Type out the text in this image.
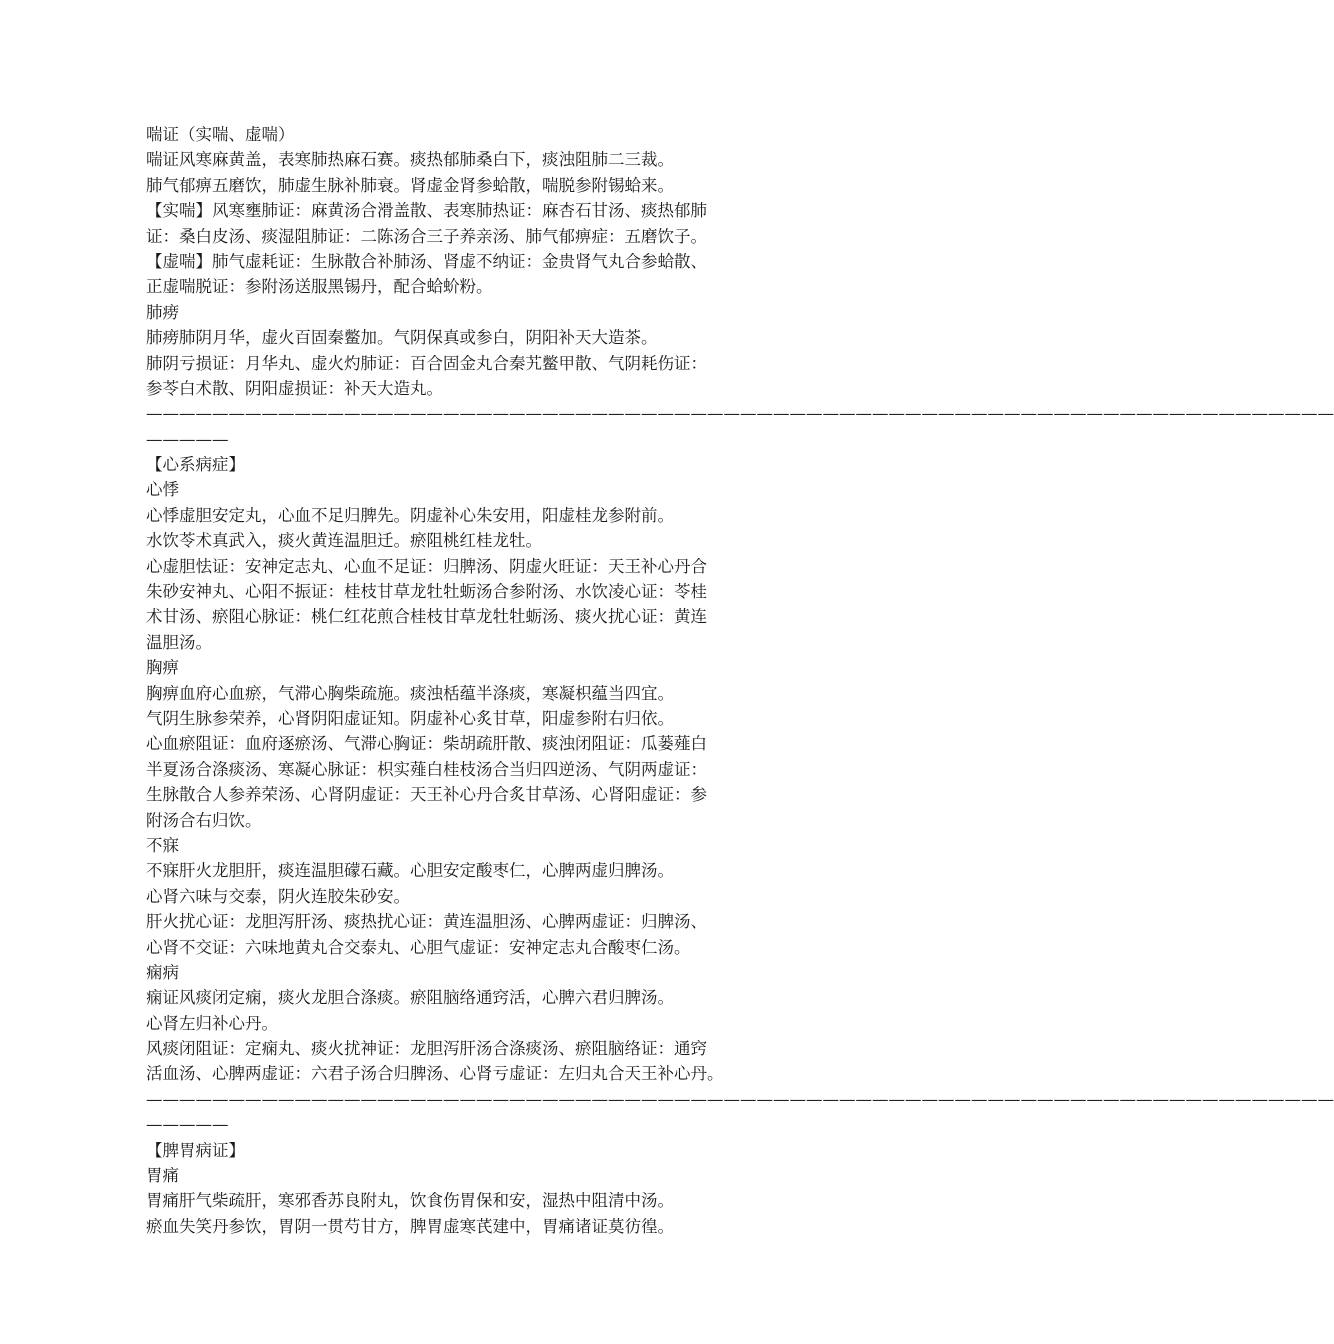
喘证（实喘、虚喘）
喘证风寒麻黄盖，表寒肺热麻石赛。痰热郁肺桑白下，痰浊阻肺二三裁。
肺气郁痹五磨饮，肺虚生脉补肺衰。肾虚金肾参蛤散，喘脱参附锡蛤来。
【实喘】风寒壅肺证：麻黄汤合滑盖散、表寒肺热证：麻杏石甘汤、痰热郁肺
证：桑白皮汤、痰湿阻肺证：二陈汤合三子养亲汤、肺气郁痹症：五磨饮子。
【虚喘】肺气虚耗证：生脉散合补肺汤、肾虚不纳证：金贵肾气丸合参蛤散、
正虚喘脱证：参附汤送服黑锡丹，配合蛤蚧粉。
肺痨
肺痨肺阴月华，虚火百固秦鳖加。气阴保真或参白，阴阳补天大造茶。
肺阴亏损证：月华丸、虚火灼肺证：百合固金丸合秦艽鳖甲散、气阴耗伤证：
参苓白术散、阴阳虚损证：补天大造丸。
————————————————————————————————————————————————————————————————————————
—————
【心系病症】
心悸
心悸虚胆安定丸，心血不足归脾先。阴虚补心朱安用，阳虚桂龙参附前。
水饮苓术真武入，痰火黄连温胆迁。瘀阻桃红桂龙牡。
心虚胆怯证：安神定志丸、心血不足证：归脾汤、阴虚火旺证：天王补心丹合
朱砂安神丸、心阳不振证：桂枝甘草龙牡牡蛎汤合参附汤、水饮凌心证：苓桂
术甘汤、瘀阻心脉证：桃仁红花煎合桂枝甘草龙牡牡蛎汤、痰火扰心证：黄连
温胆汤。
胸痹
胸痹血府心血瘀，气滞心胸柴疏施。痰浊栝蕴半涤痰，寒凝枳蕴当四宜。
气阴生脉参荣养，心肾阴阳虚证知。阴虚补心炙甘草，阳虚参附右归依。
心血瘀阻证：血府逐瘀汤、气滞心胸证：柴胡疏肝散、痰浊闭阻证：瓜蒌薤白
半夏汤合涤痰汤、寒凝心脉证：枳实薤白桂枝汤合当归四逆汤、气阴两虚证：
生脉散合人参养荣汤、心肾阴虚证：天王补心丹合炙甘草汤、心肾阳虚证：参
附汤合右归饮。
不寐
不寐肝火龙胆肝，痰连温胆礞石藏。心胆安定酸枣仁，心脾两虚归脾汤。
心肾六味与交泰，阴火连胶朱砂安。
肝火扰心证：龙胆泻肝汤、痰热扰心证：黄连温胆汤、心脾两虚证：归脾汤、
心肾不交证：六味地黄丸合交泰丸、心胆气虚证：安神定志丸合酸枣仁汤。
痫病
痫证风痰闭定痫，痰火龙胆合涤痰。瘀阻脑络通窍活，心脾六君归脾汤。
心肾左归补心丹。
风痰闭阻证：定痫丸、痰火扰神证：龙胆泻肝汤合涤痰汤、瘀阻脑络证：通窍
活血汤、心脾两虚证：六君子汤合归脾汤、心肾亏虚证：左归丸合天王补心丹。
————————————————————————————————————————————————————————————————————————
—————
【脾胃病证】
胃痛
胃痛肝气柴疏肝，寒邪香苏良附丸，饮食伤胃保和安，湿热中阻清中汤。
瘀血失笑丹参饮，胃阴一贯芍甘方，脾胃虚寒芪建中，胃痛诸证莫彷徨。
